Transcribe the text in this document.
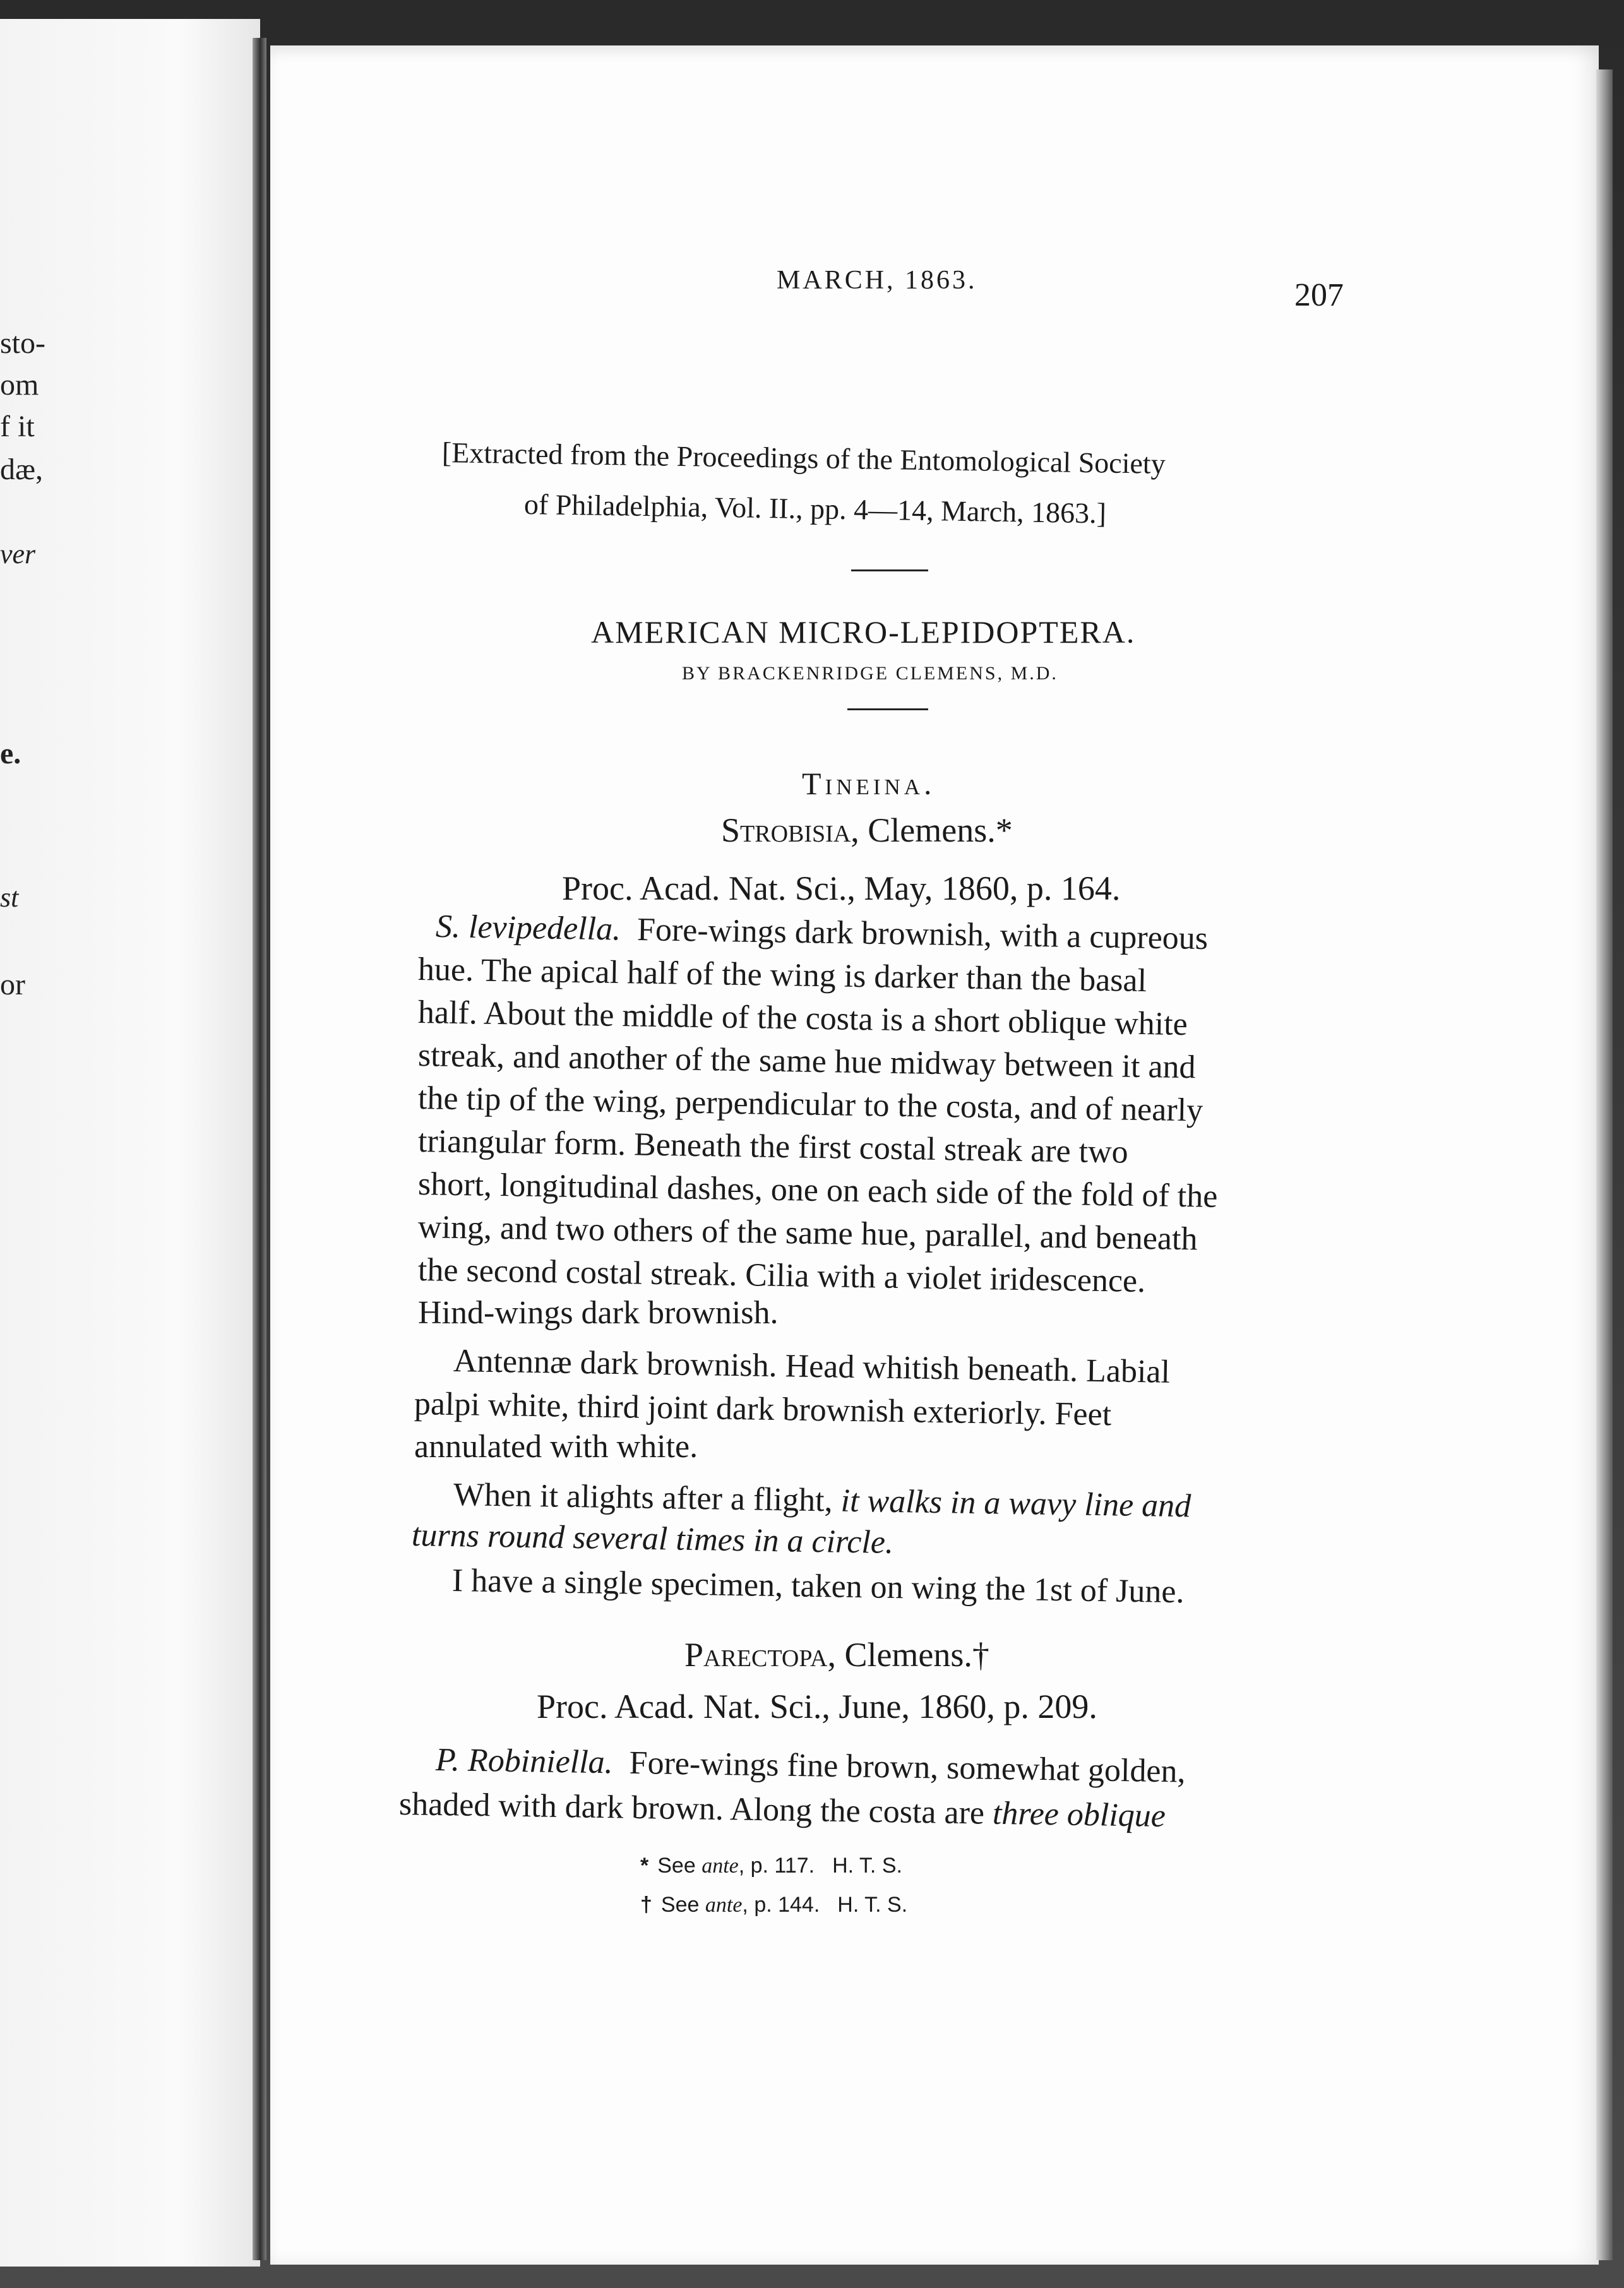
sto-
om
f it
dæ,
ver
e.
st
or
MARCH, 1863.	207
[Extracted from the Proceedings of the Entomological Society
of Philadelphia, Vol. II., pp. 4—14, March, 1863.]
AMERICAN MICRO-LEPIDOPTERA.
BY BRACKENRIDGE CLEMENS, M.D.
Tineina.
Strobisia, Clemens.*
Proc. Acad. Nat. Sci., May, 1860, p. 164.
S. levipedella. Fore-wings dark brownish, with a cupreous
hue. The apical half of the wing is darker than the basal
half. About the middle of the costa is a short oblique white
streak, and another of the same hue midway between it and
the tip of the wing, perpendicular to the costa, and of nearly
triangular form. Beneath the first costal streak are two
short, longitudinal dashes, one on each side of the fold of the
wing, and two others of the same hue, parallel, and beneath
the second costal streak. Cilia with a violet iridescence.
Hind-wings dark brownish.
Antennæ dark brownish. Head whitish beneath. Labial
palpi white, third joint dark brownish exteriorly. Feet
annulated with white.
When it alights after a flight, it walks in a wavy line and
turns round several times in a circle.
I have a single specimen, taken on wing the 1st of June.
Parectopa, Clemens.†
Proc. Acad. Nat. Sci., June, 1860, p. 209.
P. Robiniella. Fore-wings fine brown, somewhat golden,
shaded with dark brown. Along the costa are three oblique
* See ante, p. 117. H. T. S.
† See ante, p. 144. H. T. S.
